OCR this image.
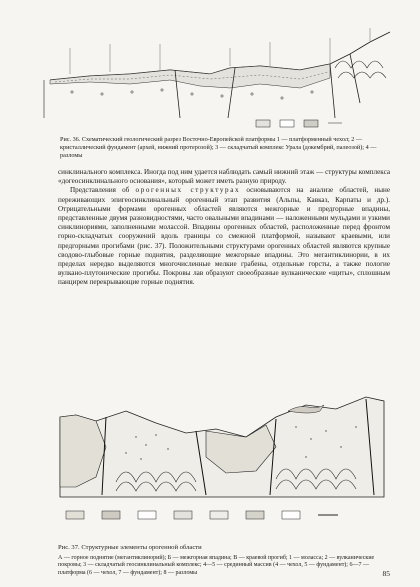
Рис. 36. Схематический геологический разрез Восточно-Европейской платформы 1 — платформенный чехол; 2 — кристаллический фундамент (архей, нижний протерозой); 3 — складчатый комплекс Урала (докембрий, палеозой); 4 — разломы

синклинального комплекса. Иногда под ним удается наблюдать самый нижний этаж — структуры комплекса «догеосинклинального основания», который может иметь разную природу.

Представления об орогенных структурах основываются на анализе областей, ныне переживающих эпигеосинклинальный орогенный этап развития (Альпы, Кавказ, Карпаты и др.). Отрицательными формами орогенных областей являются межгорные и предгорные впадины, представленные двумя разновидностями, часто овальными впадинами — наложенными мульдами и узкими синклинориями, заполненными молассой. Впадины орогенных областей, расположенные перед фронтом горно-складчатых сооружений вдоль границы со смежной платформой, называют краевыми, или предгорными прогибами (рис. 37). Положительными структурами орогенных областей являются крупные сводово-глыбовые горные поднятия, разделяющие межгорные впадины. Это мегантиклинории, в их пределах нередко выделяются многочисленные мелкие грабены, отдельные горсты, а также пологие вулкано-плутонические прогибы. Покровы лав образуют своеобразные вулканические «щиты», сплошным панцирем перекрывающие горные поднятия.

Рис. 37. Структурные элементы орогенной области
А — горное поднятие (мегантиклинорий); Б — межгорная впадина; В — краевой прогиб; 1 — моласса; 2 — вулканические покровы; 3 — складчатый геосинклинальный комплекс; 4—5 — срединный массив (4 — чехол, 5 — фундамент); 6—7 — платформа (6 — чехол, 7 — фундамент); 8 — разломы	85
